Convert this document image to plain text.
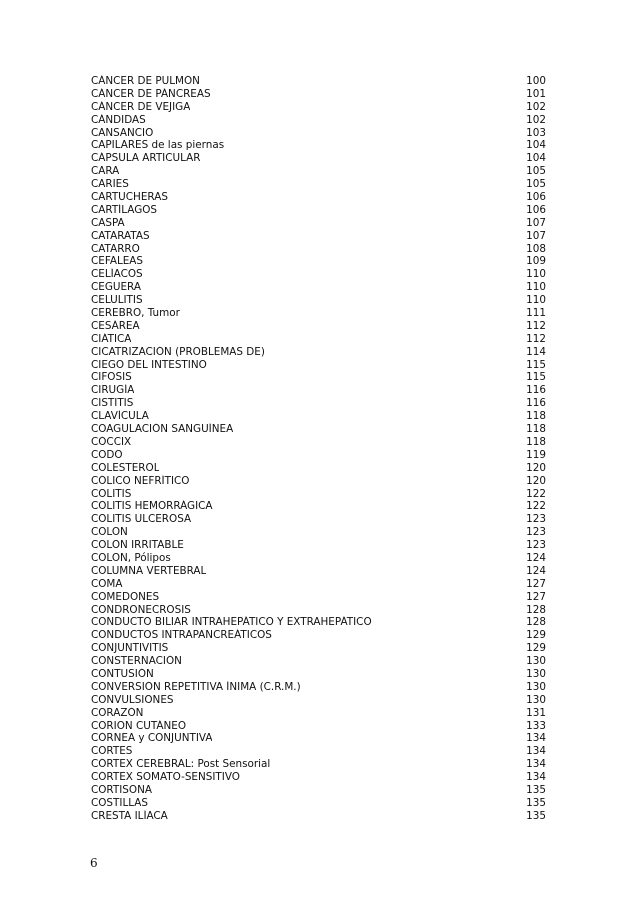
CÁNCER DE PULMÓN	100
CÁNCER DE PÁNCREAS	101
CÁNCER DE VEJIGA	102
CÁNDIDAS	102
CANSANCIO	103
CAPILARES de las piernas	104
CÁPSULA ARTICULAR	104
CARA	105
CARIES	105
CARTUCHERAS	106
CARTÍLAGOS	106
CASPA	107
CATARATAS	107
CATARRO	108
CEFALEAS	109
CELÍACOS	110
CEGUERA	110
CELULITIS	110
CEREBRO, Tumor	111
CESÁREA	112
CIÁTICA	112
CICATRIZACIÓN (PROBLEMAS DE)	114
CIEGO DEL INTESTINO	115
CIFOSIS	115
CIRUGÍA	116
CISTITIS	116
CLAVÍCULA	118
COAGULACIÓN SANGUÍNEA	118
CÓCCIX	118
CODO	119
COLESTEROL	120
CÓLICO NEFRÍTICO	120
COLITIS	122
COLITIS HEMORRÁGICA	122
COLITIS ULCEROSA	123
COLON	123
COLON IRRITABLE	123
COLON, Pólipos	124
COLUMNA VERTEBRAL	124
COMA	127
COMEDONES	127
CONDRONECROSIS	128
CONDUCTO BILIAR INTRAHEPÁTICO Y EXTRAHEPÁTICO	128
CONDUCTOS INTRAPANCREÁTICOS	129
CONJUNTIVITIS	129
CONSTERNACIÓN	130
CONTUSIÓN	130
CONVERSIÓN REPETITIVA ÍNIMA (C.R.M.)	130
CONVULSIONES	130
CORAZÓN	131
CORION CUTÁNEO	133
CÓRNEA y CONJUNTIVA	134
CORTES	134
CÓRTEX CEREBRAL: Post Sensorial	134
CÓRTEX SOMATO-SENSITIVO	134
CORTISONA	135
COSTILLAS	135
CRESTA ILÍACA	135
6
